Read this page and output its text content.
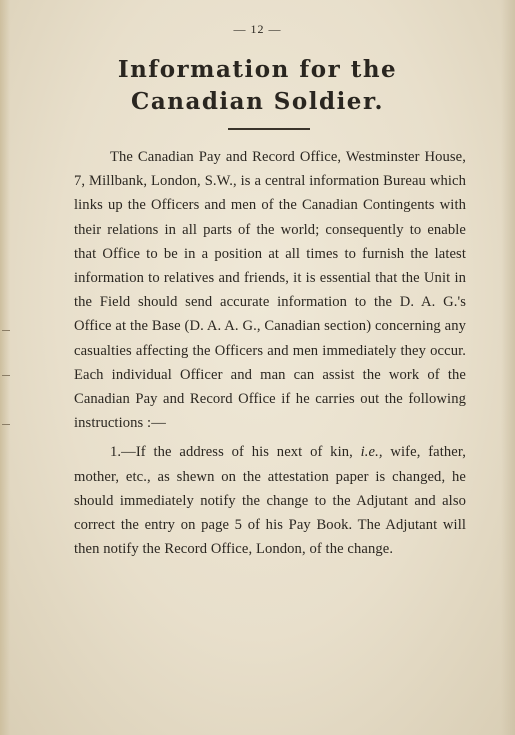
— 12 —
Information for the
Canadian Soldier.

The Canadian Pay and Record Office, Westminster House, 7, Millbank, London, S.W., is a central information Bureau which links up the Officers and men of the Canadian Contingents with their relations in all parts of the world; consequently to enable that Office to be in a position at all times to furnish the latest information to relatives and friends, it is essential that the Unit in the Field should send accurate information to the D. A. G.'s Office at the Base (D. A. A. G., Canadian section) concerning any casualties affecting the Officers and men immediately they occur. Each individual Officer and man can assist the work of the Canadian Pay and Record Office if he carries out the following instructions :—

1.—If the address of his next of kin, i.e., wife, father, mother, etc., as shewn on the attestation paper is changed, he should immediately notify the change to the Adjutant and also correct the entry on page 5 of his Pay Book. The Adjutant will then notify the Record Office, London, of the change.
